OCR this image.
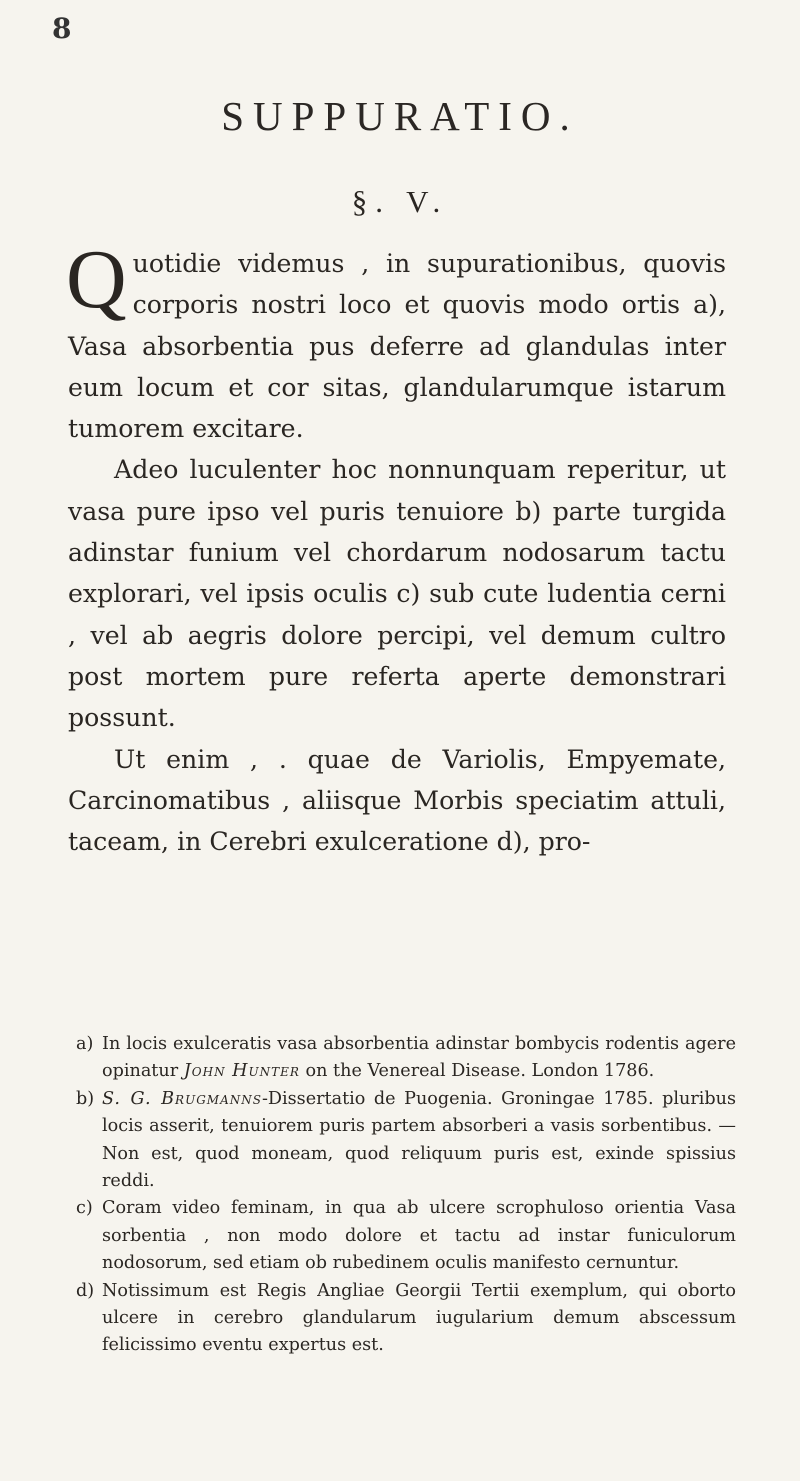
8
SUPPURATIO.
§. V.

Quotidie videmus , in supurationibus, quovis corporis nostri loco et quovis modo ortis a), Vasa absorbentia pus deferre ad glandulas inter eum locum et cor sitas, glandularumque istarum tumorem excitare.

Adeo luculenter hoc nonnunquam reperitur, ut vasa pure ipso vel puris tenuiore b) parte turgida adinstar funium vel chordarum nodosarum tactu explorari, vel ipsis oculis c) sub cute ludentia cerni , vel ab aegris dolore percipi, vel demum cultro post mortem pure referta aperte demonstrari possunt.

Ut enim , . quae de Variolis, Empyemate, Carcinomatibus , aliisque Morbis speciatim attuli, taceam, in Cerebri exulceratione d), pro-

a) In locis exulceratis vasa absorbentia adinstar bombycis rodentis agere opinatur John Hunter on the Venereal Disease. London 1786.
b) S. G. Brugmanns-Dissertatio de Puogenia. Groningae 1785. pluribus locis asserit, tenuiorem puris partem absorberi a vasis sorbentibus. — Non est, quod moneam, quod reliquum puris est, exinde spissius reddi.
c) Coram video feminam, in qua ab ulcere scrophuloso orientia Vasa sorbentia , non modo dolore et tactu ad instar funiculorum nodosorum, sed etiam ob rubedinem oculis manifesto cernuntur.
d) Notissimum est Regis Angliae Georgii Tertii exemplum, qui oborto ulcere in cerebro glandularum iugularium demum abscessum felicissimo eventu expertus est.
